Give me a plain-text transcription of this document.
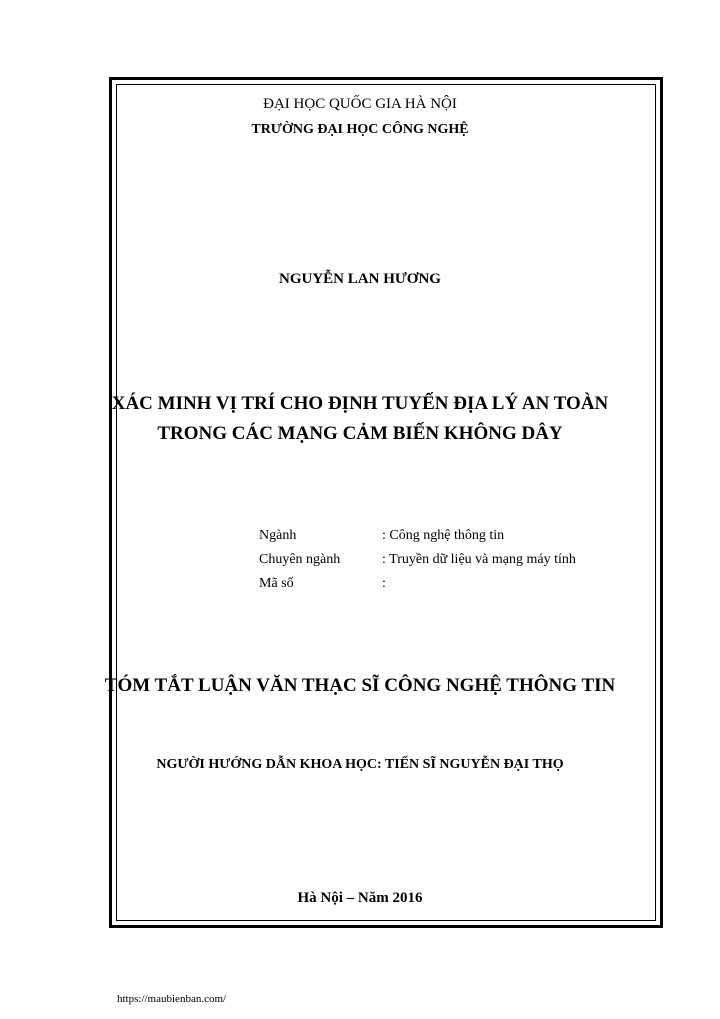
ĐẠI HỌC QUỐC GIA HÀ NỘI
TRƯỜNG ĐẠI HỌC CÔNG NGHỆ
NGUYỄN LAN HƯƠNG
XÁC MINH VỊ TRÍ CHO ĐỊNH TUYẾN ĐỊA LÝ AN TOÀN
TRONG CÁC MẠNG CẢM BIẾN KHÔNG DÂY
Ngành	: Công nghệ thông tin
Chuyên ngành	: Truyền dữ liệu và mạng máy tính
Mã số	:
TÓM TẮT LUẬN VĂN THẠC SĨ CÔNG NGHỆ THÔNG TIN
NGƯỜI HƯỚNG DẪN KHOA HỌC: TIẾN SĨ NGUYỄN ĐẠI THỌ
Hà Nội – Năm 2016
https://maubienban.com/
